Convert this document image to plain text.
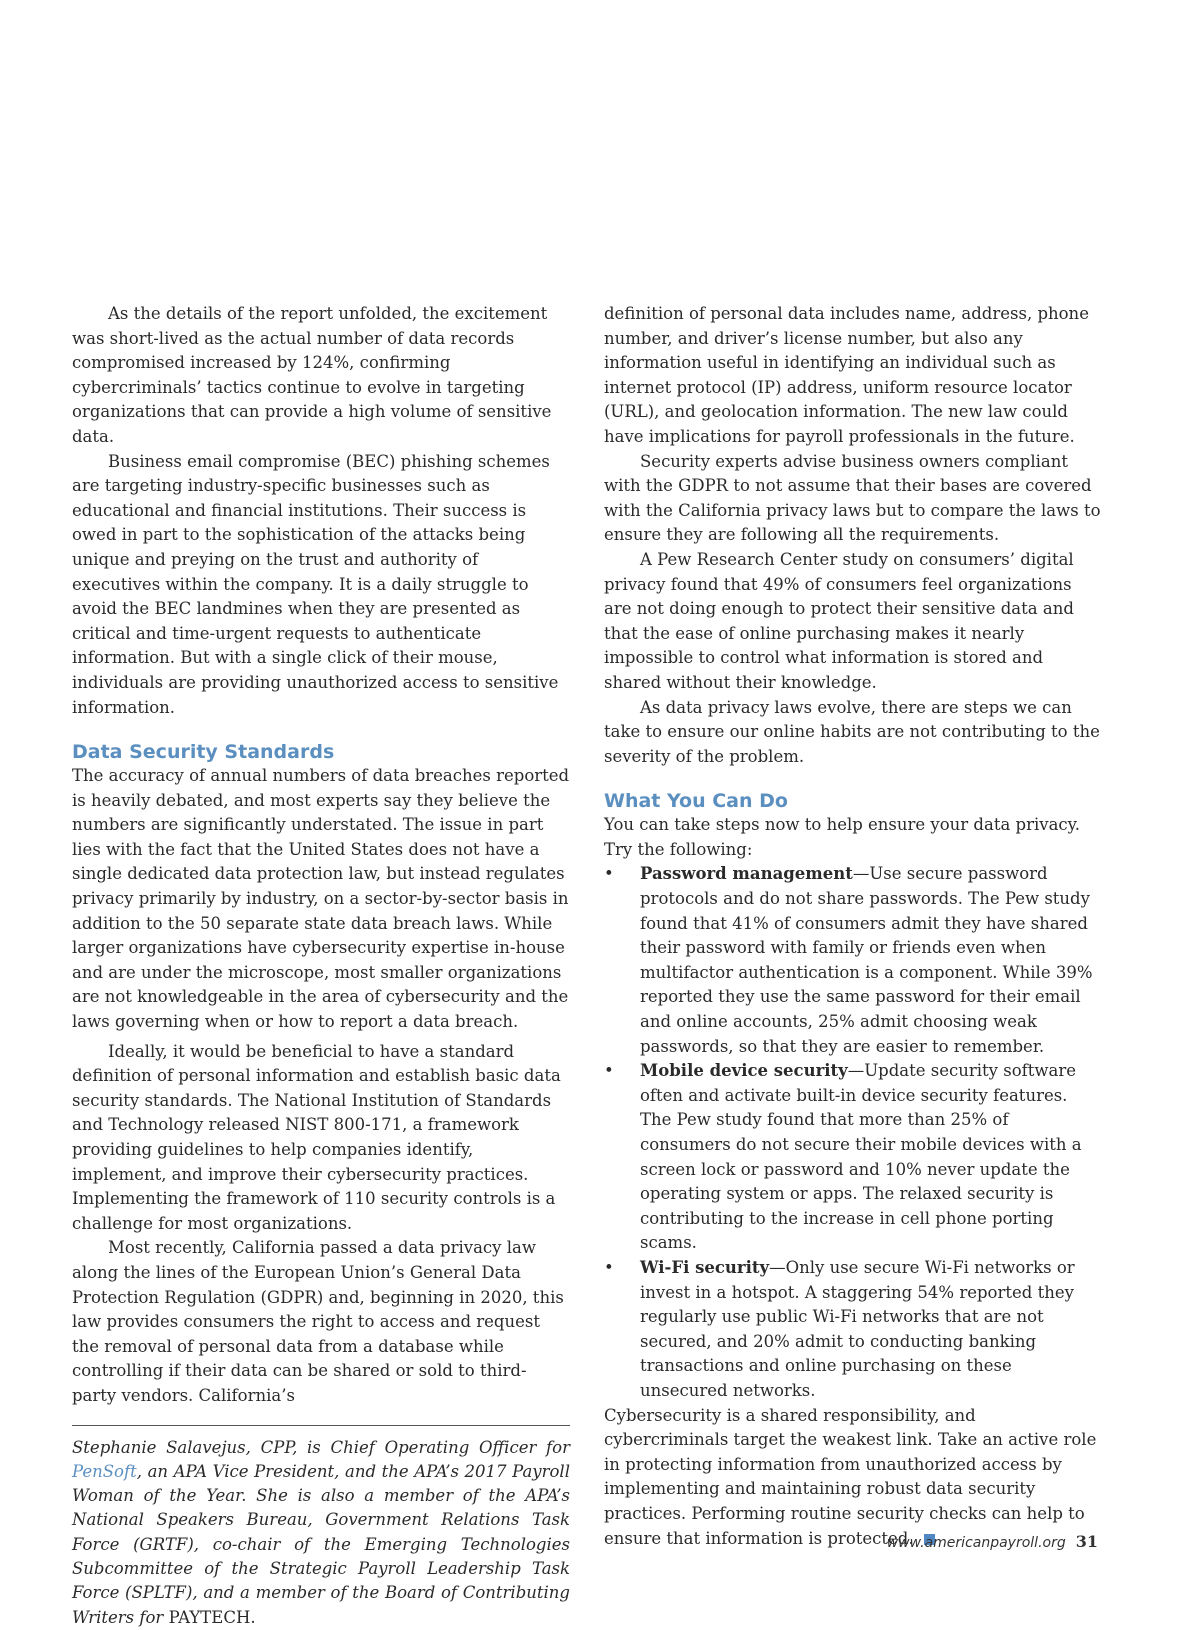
As the details of the report unfolded, the excitement was short-lived as the actual number of data records compromised increased by 124%, confirming cybercriminals’ tactics continue to evolve in targeting organizations that can provide a high volume of sensitive data.

Business email compromise (BEC) phishing schemes are targeting industry-specific businesses such as educational and financial institutions. Their success is owed in part to the sophistication of the attacks being unique and preying on the trust and authority of executives within the company. It is a daily struggle to avoid the BEC landmines when they are presented as critical and time-urgent requests to authenticate information. But with a single click of their mouse, individuals are providing unauthorized access to sensitive information.

Data Security Standards

The accuracy of annual numbers of data breaches reported is heavily debated, and most experts say they believe the numbers are significantly understated. The issue in part lies with the fact that the United States does not have a single dedicated data protection law, but instead regulates privacy primarily by industry, on a sector-by-sector basis in addition to the 50 separate state data breach laws. While larger organizations have cybersecurity expertise in-house and are under the microscope, most smaller organizations are not knowledgeable in the area of cybersecurity and the laws governing when or how to report a data breach.

Ideally, it would be beneficial to have a standard definition of personal information and establish basic data security standards. The National Institution of Standards and Technology released NIST 800-171, a framework providing guidelines to help companies identify, implement, and improve their cybersecurity practices. Implementing the framework of 110 security controls is a challenge for most organizations.

Most recently, California passed a data privacy law along the lines of the European Union’s General Data Protection Regulation (GDPR) and, beginning in 2020, this law provides consumers the right to access and request the removal of personal data from a database while controlling if their data can be shared or sold to third-party vendors. California’s

Stephanie Salavejus, CPP, is Chief Operating Officer for PenSoft, an APA Vice President, and the APA’s 2017 Payroll Woman of the Year. She is also a member of the APA’s National Speakers Bureau, Government Relations Task Force (GRTF), co-chair of the Emerging Technologies Subcommittee of the Strategic Payroll Leadership Task Force (SPLTF), and a member of the Board of Contributing Writers for PAYTECH.

definition of personal data includes name, address, phone number, and driver’s license number, but also any information useful in identifying an individual such as internet protocol (IP) address, uniform resource locator (URL), and geolocation information. The new law could have implications for payroll professionals in the future.

Security experts advise business owners compliant with the GDPR to not assume that their bases are covered with the California privacy laws but to compare the laws to ensure they are following all the requirements.

A Pew Research Center study on consumers’ digital privacy found that 49% of consumers feel organizations are not doing enough to protect their sensitive data and that the ease of online purchasing makes it nearly impossible to control what information is stored and shared without their knowledge.

As data privacy laws evolve, there are steps we can take to ensure our online habits are not contributing to the severity of the problem.

What You Can Do

You can take steps now to help ensure your data privacy. Try the following:

• Password management—Use secure password protocols and do not share passwords. The Pew study found that 41% of consumers admit they have shared their password with family or friends even when multifactor authentication is a component. While 39% reported they use the same password for their email and online accounts, 25% admit choosing weak passwords, so that they are easier to remember.
• Mobile device security—Update security software often and activate built-in device security features. The Pew study found that more than 25% of consumers do not secure their mobile devices with a screen lock or password and 10% never update the operating system or apps. The relaxed security is contributing to the increase in cell phone porting scams.
• Wi-Fi security—Only use secure Wi-Fi networks or invest in a hotspot. A staggering 54% reported they regularly use public Wi-Fi networks that are not secured, and 20% admit to conducting banking transactions and online purchasing on these unsecured networks.

Cybersecurity is a shared responsibility, and cybercriminals target the weakest link. Take an active role in protecting information from unauthorized access by implementing and maintaining robust data security practices. Performing routine security checks can help to ensure that information is protected.

www.americanpayroll.org 31
